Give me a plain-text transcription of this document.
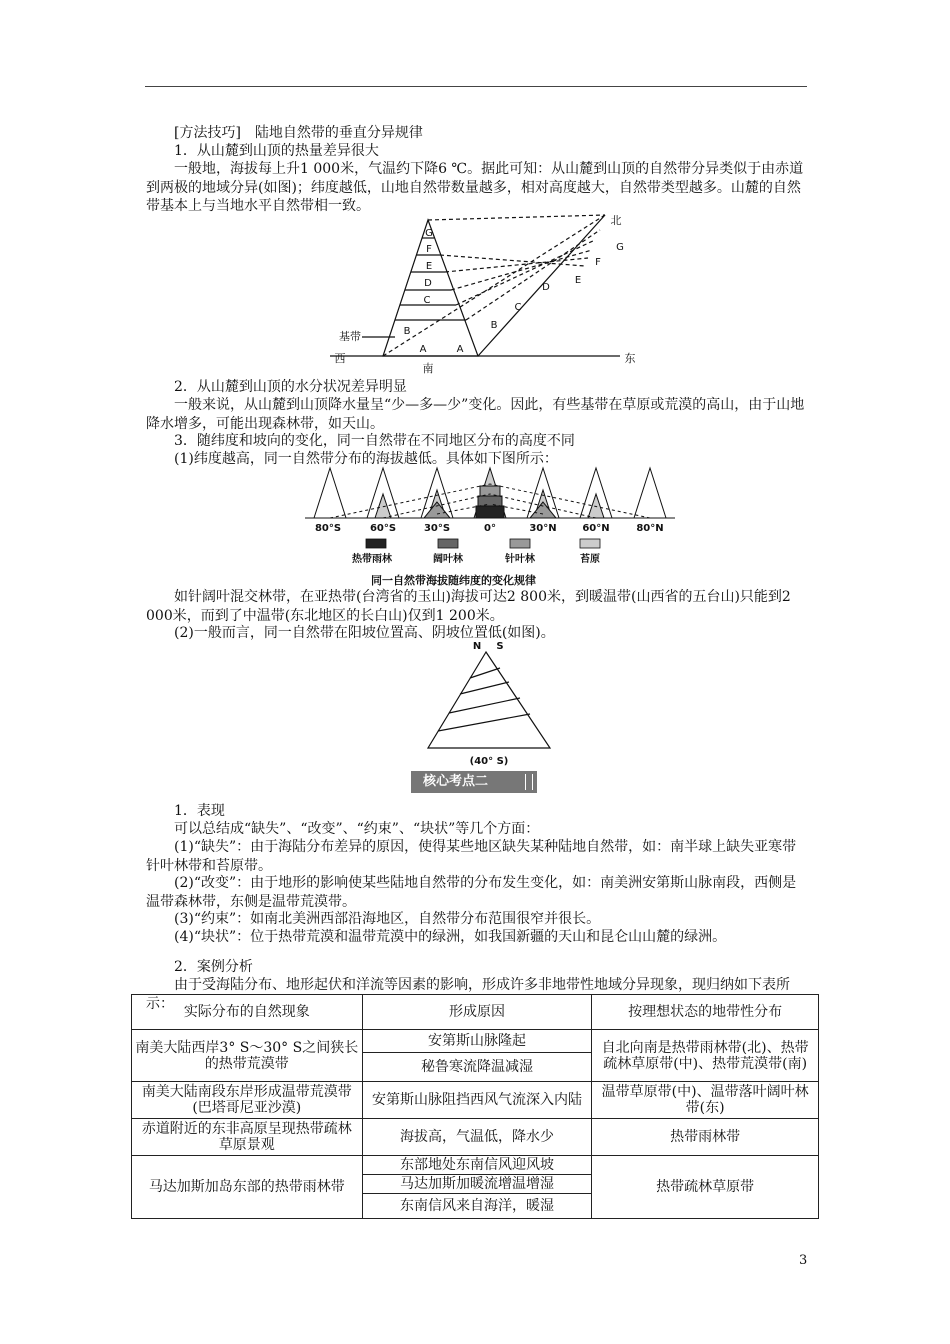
[方法技巧]　陆地自然带的垂直分异规律

1．从山麓到山顶的热量差异很大

一般地，海拔每上升1 000米，气温约下降6 ℃。据此可知：从山麓到山顶的自然带分异类似于由赤道到两极的地域分异(如图)；纬度越低，山地自然带数量越多，相对高度越大，自然带类型越多。山麓的自然带基本上与当地水平自然带相一致。

G
F
E
D
C
B
A	A
B
C
D
E
F
G
基带
西	东
南
北

2．从山麓到山顶的水分状况差异明显

一般来说，从山麓到山顶降水量呈“少—多—少”变化。因此，有些基带在草原或荒漠的高山，由于山地降水增多，可能出现森林带，如天山。

3．随纬度和坡向的变化，同一自然带在不同地区分布的高度不同

(1)纬度越高，同一自然带分布的海拔越低。具体如下图所示：

80°S	60°S	30°S	0°	30°N	60°N	80°N
热带雨林	阔叶林	针叶林	苔原
同一自然带海拔随纬度的变化规律

如针阔叶混交林带，在亚热带(台湾省的玉山)海拔可达2 800米，到暖温带(山西省的五台山)只能到2 000米，而到了中温带(东北地区的长白山)仅到1 200米。

(2)一般而言，同一自然带在阳坡位置高、阴坡位置低(如图)。

N S
(40° S)
核心考点二

1．表现

可以总结成“缺失”、“改变”、“约束”、“块状”等几个方面：

(1)“缺失”：由于海陆分布差异的原因，使得某些地区缺失某种陆地自然带，如：南半球上缺失亚寒带针叶林带和苔原带。

(2)“改变”：由于地形的影响使某些陆地自然带的分布发生变化，如：南美洲安第斯山脉南段，西侧是温带森林带，东侧是温带荒漠带。

(3)“约束”：如南北美洲西部沿海地区，自然带分布范围很窄并很长。

(4)“块状”：位于热带荒漠和温带荒漠中的绿洲，如我国新疆的天山和昆仑山山麓的绿洲。

2．案例分析

由于受海陆分布、地形起伏和洋流等因素的影响，形成许多非地带性地域分异现象，现归纳如下表所示：

实际分布的自然现象	形成原因	按理想状态的地带性分布
南美大陆西岸3° S～30° S之间狭长的热带荒漠带	安第斯山脉隆起	自北向南是热带雨林带(北)、热带疏林草原带(中)、热带荒漠带(南)
	秘鲁寒流降温减湿	
南美大陆南段东岸形成温带荒漠带(巴塔哥尼亚沙漠)	安第斯山脉阻挡西风气流深入内陆	温带草原带(中)、温带落叶阔叶林带(东)
赤道附近的东非高原呈现热带疏林草原景观	海拔高，气温低，降水少	热带雨林带
马达加斯加岛东部的热带雨林带	东部地处东南信风迎风坡	热带疏林草原带
	马达加斯加暖流增温增湿	
	东南信风来自海洋，暖湿	
3
